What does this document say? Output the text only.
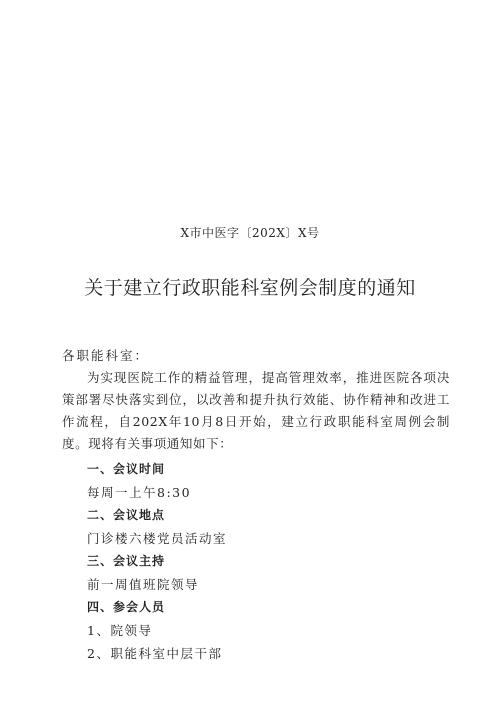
X市中医字〔202X〕X号
关于建立行政职能科室例会制度的通知
各职能科室：
为实现医院工作的精益管理，提高管理效率，推进医院各项决策部署尽快落实到位，以改善和提升执行效能、协作精神和改进工作流程，自202X年10月8日开始，建立行政职能科室周例会制度。现将有关事项通知如下：
一、会议时间
每周一上午8:30
二、会议地点
门诊楼六楼党员活动室
三、会议主持
前一周值班院领导
四、参会人员
1、院领导
2、职能科室中层干部
